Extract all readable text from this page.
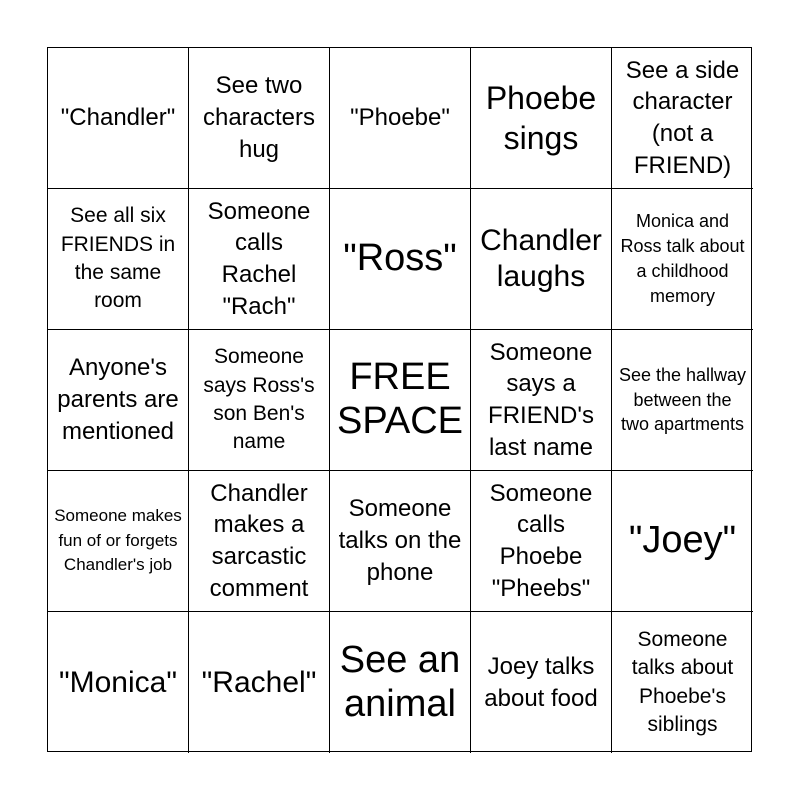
"Chandler"
See two characters hug
"Phoebe"
Phoebe sings
See a side character (not a FRIEND)
See all six FRIENDS in the same room
Someone calls Rachel "Rach"
"Ross" Chandler laughs
Monica and Ross talk about a childhood memory
Anyone's parents are mentioned
Someone says Ross's son Ben's name
FREE SPACE
Someone says a FRIEND's last name
See the hallway between the two apartments
Someone makes fun of or forgets Chandler's job
Chandler makes a sarcastic comment
Someone talks on the phone
Someone calls Phoebe "Pheebs"
"Joey"
"Monica" "Rachel"
See an animal
Joey talks about food
Someone talks about Phoebe's siblings
